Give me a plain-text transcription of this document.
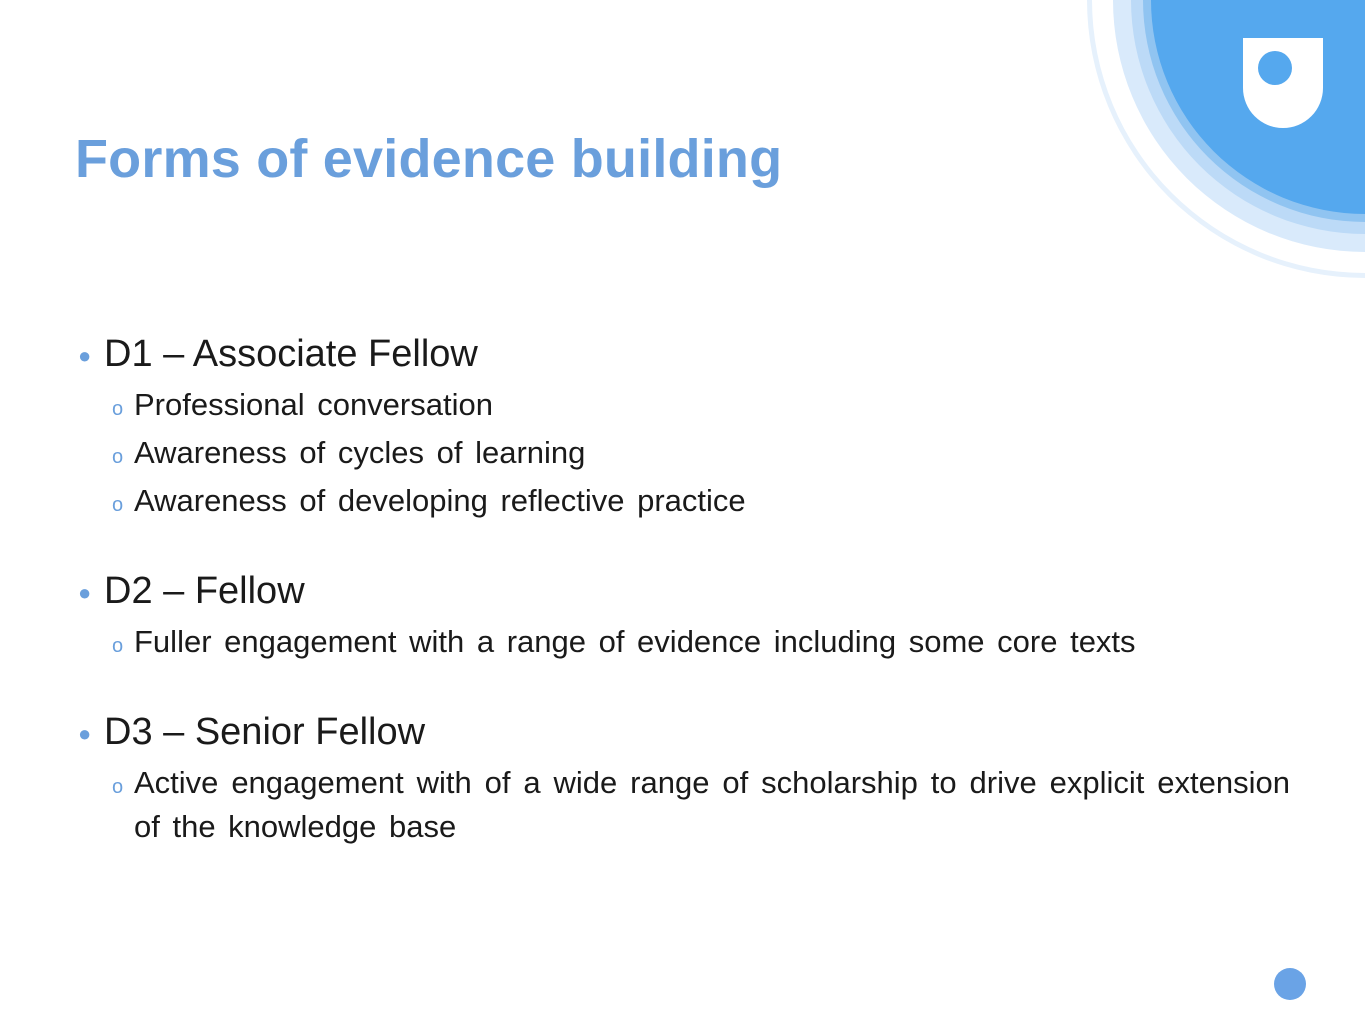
Forms of evidence building
● D1 – Associate Fellow
o Professional conversation
o Awareness of cycles of learning
o Awareness of developing reflective practice
● D2 – Fellow
o Fuller engagement with a range of evidence including some core texts
● D3 – Senior Fellow
o Active engagement with of a wide range of scholarship to drive explicit extension of the knowledge base
